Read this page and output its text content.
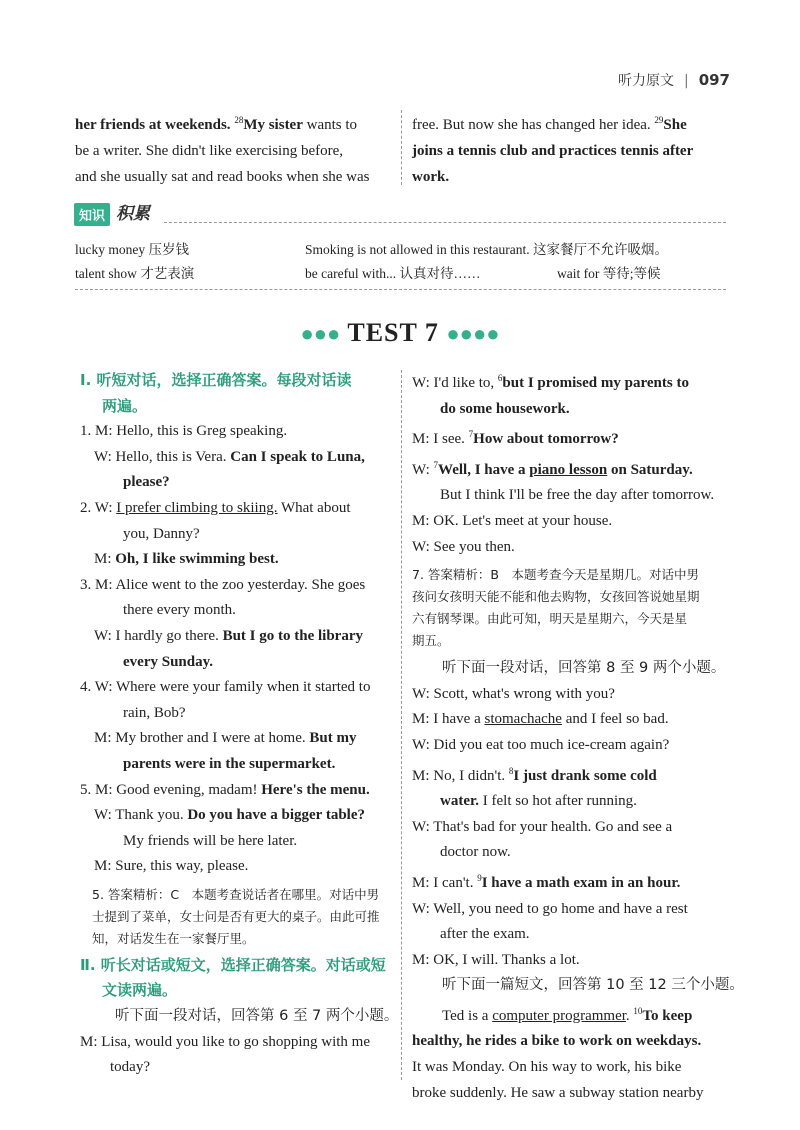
听力原文 | 097
her friends at weekends. $^{28}$My sister wants to
be a writer. She didn't like exercising before,
and she usually sat and read books when she was
free. But now she has changed her idea. $^{29}$She
joins a tennis club and practices tennis after
work.
知识 积累
lucky money 压岁钱	Smoking is not allowed in this restaurant. 这家餐厅不允许吸烟。
talent show 才艺表演	be careful with... 认真对待……	wait for 等待;等候
●●● TEST 7 ●●●●
Ⅰ. 听短对话，选择正确答案。每段对话读
两遍。
1. M: Hello, this is Greg speaking.
W: Hello, this is Vera. Can I speak to Luna,
please?
2. W: I prefer climbing to skiing. What about
you, Danny?
M: Oh, I like swimming best.
3. M: Alice went to the zoo yesterday. She goes
there every month.
W: I hardly go there. But I go to the library
every Sunday.
4. W: Where were your family when it started to
rain, Bob?
M: My brother and I were at home. But my
parents were in the supermarket.
5. M: Good evening, madam! Here's the menu.
W: Thank you. Do you have a bigger table?
My friends will be here later.
M: Sure, this way, please.
5. 答案精析：C　本题考查说话者在哪里。对话中男
士提到了菜单，女士问是否有更大的桌子。由此可推
知，对话发生在一家餐厅里。
Ⅱ. 听长对话或短文，选择正确答案。对话或短
文读两遍。
听下面一段对话，回答第 6 至 7 两个小题。
M: Lisa, would you like to go shopping with me
today?
W: I'd like to, $^6$but I promised my parents to
do some housework.
M: I see. $^7$How about tomorrow?
W: $^7$Well, I have a piano lesson on Saturday.
But I think I'll be free the day after tomorrow.
M: OK. Let's meet at your house.
W: See you then.
7. 答案精析：B　本题考查今天是星期几。对话中男
孩问女孩明天能不能和他去购物，女孩回答说她星期
六有钢琴课。由此可知，明天是星期六，今天是星
期五。
听下面一段对话，回答第 8 至 9 两个小题。
W: Scott, what's wrong with you?
M: I have a stomachache and I feel so bad.
W: Did you eat too much ice-cream again?
M: No, I didn't. $^8$I just drank some cold
water. I felt so hot after running.
W: That's bad for your health. Go and see a
doctor now.
M: I can't. $^9$I have a math exam in an hour.
W: Well, you need to go home and have a rest
after the exam.
M: OK, I will. Thanks a lot.
听下面一篇短文，回答第 10 至 12 三个小题。
Ted is a computer programmer. $^{10}$To keep
healthy, he rides a bike to work on weekdays.
It was Monday. On his way to work, his bike
broke suddenly. He saw a subway station nearby
